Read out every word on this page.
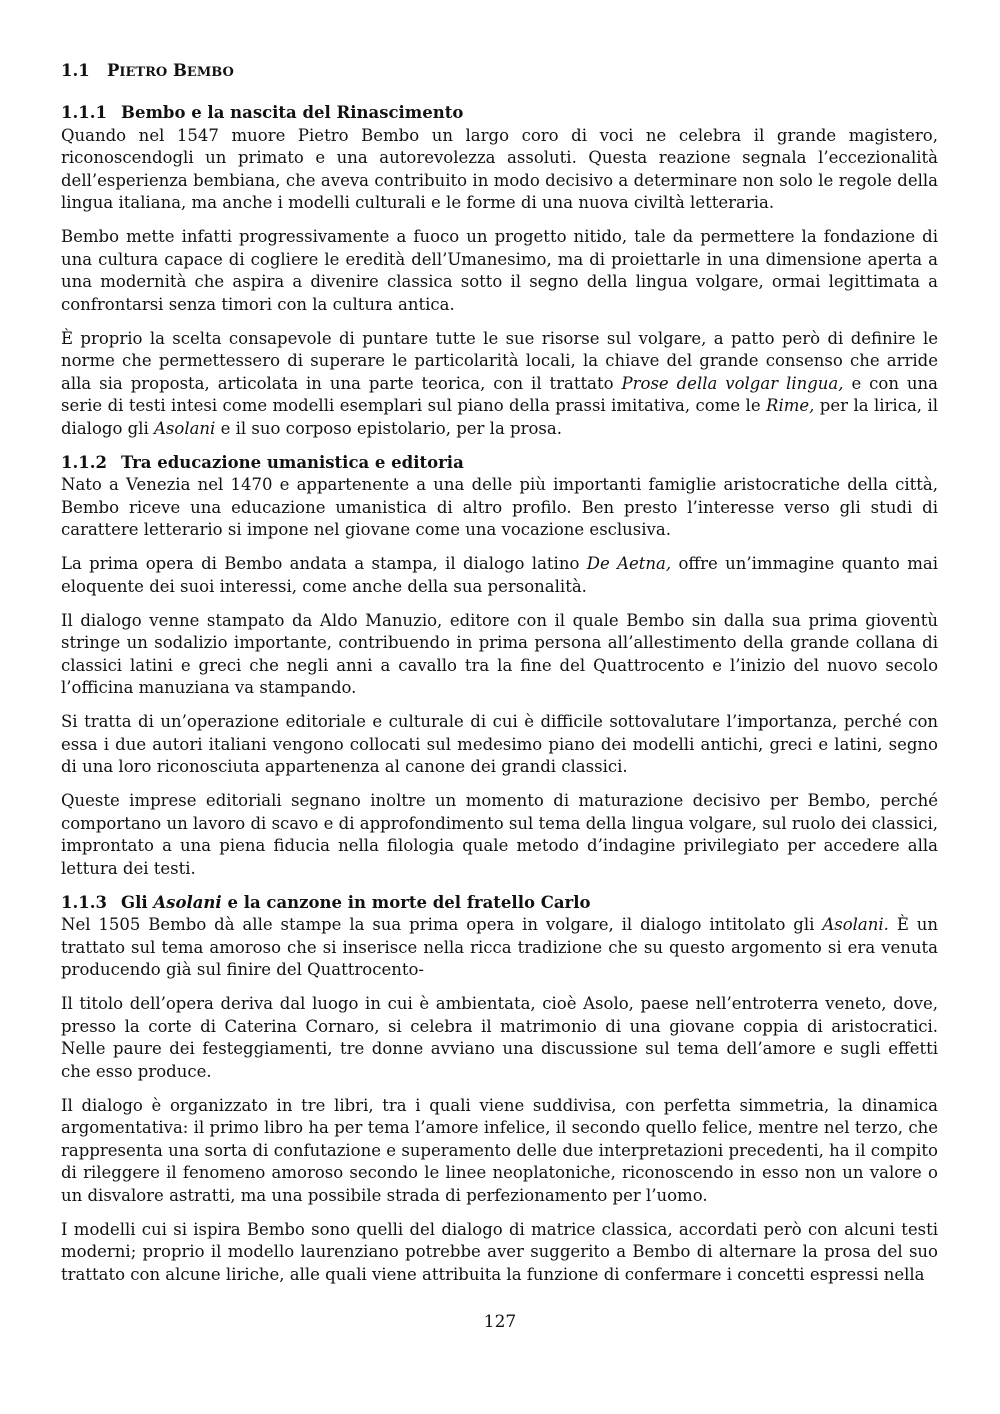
1.1 PIETRO BEMBO
1.1.1 Bembo e la nascita del Rinascimento

Quando nel 1547 muore Pietro Bembo un largo coro di voci ne celebra il grande magistero, riconoscendogli un primato e una autorevolezza assoluti. Questa reazione segnala l’eccezionalità dell’esperienza bembiana, che aveva contribuito in modo decisivo a determinare non solo le regole della lingua italiana, ma anche i modelli culturali e le forme di una nuova civiltà letteraria.

Bembo mette infatti progressivamente a fuoco un progetto nitido, tale da permettere la fondazione di una cultura capace di cogliere le eredità dell’Umanesimo, ma di proiettarle in una dimensione aperta a una modernità che aspira a divenire classica sotto il segno della lingua volgare, ormai legittimata a confrontarsi senza timori con la cultura antica.

È proprio la scelta consapevole di puntare tutte le sue risorse sul volgare, a patto però di definire le norme che permettessero di superare le particolarità locali, la chiave del grande consenso che arride alla sia proposta, articolata in una parte teorica, con il trattato Prose della volgar lingua, e con una serie di testi intesi come modelli esemplari sul piano della prassi imitativa, come le Rime, per la lirica, il dialogo gli Asolani e il suo corposo epistolario, per la prosa.

1.1.2 Tra educazione umanistica e editoria

Nato a Venezia nel 1470 e appartenente a una delle più importanti famiglie aristocratiche della città, Bembo riceve una educazione umanistica di altro profilo. Ben presto l’interesse verso gli studi di carattere letterario si impone nel giovane come una vocazione esclusiva.

La prima opera di Bembo andata a stampa, il dialogo latino De Aetna, offre un’immagine quanto mai eloquente dei suoi interessi, come anche della sua personalità.

Il dialogo venne stampato da Aldo Manuzio, editore con il quale Bembo sin dalla sua prima gioventù stringe un sodalizio importante, contribuendo in prima persona all’allestimento della grande collana di classici latini e greci che negli anni a cavallo tra la fine del Quattrocento e l’inizio del nuovo secolo l’officina manuziana va stampando.

Si tratta di un’operazione editoriale e culturale di cui è difficile sottovalutare l’importanza, perché con essa i due autori italiani vengono collocati sul medesimo piano dei modelli antichi, greci e latini, segno di una loro riconosciuta appartenenza al canone dei grandi classici.

Queste imprese editoriali segnano inoltre un momento di maturazione decisivo per Bembo, perché comportano un lavoro di scavo e di approfondimento sul tema della lingua volgare, sul ruolo dei classici, improntato a una piena fiducia nella filologia quale metodo d’indagine privilegiato per accedere alla lettura dei testi.

1.1.3 Gli Asolani e la canzone in morte del fratello Carlo

Nel 1505 Bembo dà alle stampe la sua prima opera in volgare, il dialogo intitolato gli Asolani. È un trattato sul tema amoroso che si inserisce nella ricca tradizione che su questo argomento si era venuta producendo già sul finire del Quattrocento-

Il titolo dell’opera deriva dal luogo in cui è ambientata, cioè Asolo, paese nell’entroterra veneto, dove, presso la corte di Caterina Cornaro, si celebra il matrimonio di una giovane coppia di aristocratici. Nelle paure dei festeggiamenti, tre donne avviano una discussione sul tema dell’amore e sugli effetti che esso produce.

Il dialogo è organizzato in tre libri, tra i quali viene suddivisa, con perfetta simmetria, la dinamica argomentativa: il primo libro ha per tema l’amore infelice, il secondo quello felice, mentre nel terzo, che rappresenta una sorta di confutazione e superamento delle due interpretazioni precedenti, ha il compito di rileggere il fenomeno amoroso secondo le linee neoplatoniche, riconoscendo in esso non un valore o un disvalore astratti, ma una possibile strada di perfezionamento per l’uomo.

I modelli cui si ispira Bembo sono quelli del dialogo di matrice classica, accordati però con alcuni testi moderni; proprio il modello laurenziano potrebbe aver suggerito a Bembo di alternare la prosa del suo trattato con alcune liriche, alle quali viene attribuita la funzione di confermare i concetti espressi nella

127
